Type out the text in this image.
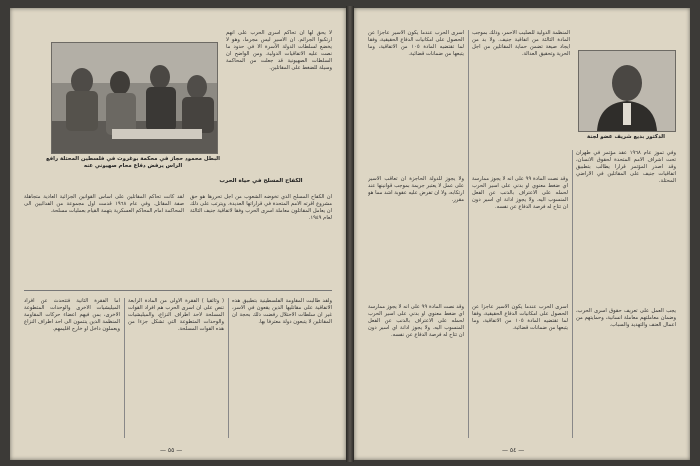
البطل محمود حجاز في محكمة بوغروت في فلسطين المحتلة رافع الراس يرفض دفاع محام صهيوني عنه
لا يحق لها ان تحاكم اسرى الحرب على انهم ارتكبوا الجرائم. ان الاسير ليس مجرما، وهو لا يخضع لسلطات الدولة الآسرة الا في حدود ما نصت عليه الاتفاقيات الدولية. ومن الواضح ان السلطات الصهيونية قد جعلت من المحاكمة وسيلة للضغط على المقاتلين.
الكفاح المسلح في حياة الحرب
ان الكفاح المسلح الذي تخوضه الشعوب من اجل تحررها هو حق مشروع اقرته الامم المتحدة في قراراتها العديدة. ويترتب على ذلك ان يعامل المقاتلون معاملة اسرى الحرب وفقا لاتفاقية جنيف الثالثة لعام ١٩٤٩.
لقد كانت تحاكم المقاتلين على اساس القوانين الجزائية العادية متجاهلة صفة المقاتل. وفي عام ١٩٦٨ قدمت اول مجموعة من الفدائيين الى المحاكمة امام المحاكم العسكرية بتهمة القيام بعمليات مسلحة.
ولقد طالبت المقاومة الفلسطينية بتطبيق هذه الاتفاقية على مقاتليها الذين يقعون في الاسر، غير ان سلطات الاحتلال رفضت ذلك بحجة ان المقاتلين لا يتبعون دولة معترفا بها.
( وثائقيا ) الفقرة الاولى من المادة الرابعة تنص على ان اسرى الحرب هم افراد القوات المسلحة لاحد اطراف النزاع، والميليشيات والوحدات المتطوعة التي تشكل جزءا من هذه القوات المسلحة.
اما الفقرة الثانية فتتحدث عن افراد الميليشيات الاخرى والوحدات المتطوعة الاخرى، بمن فيهم اعضاء حركات المقاومة المنظمة الذين ينتمون الى احد اطراف النزاع ويعملون داخل او خارج اقليمهم.
— ٥٥ —
الدكتور بديع شريف عضو لجنة
اسرى الحرب عندما يكون الاسير عاجزا عن الحصول على امكانيات الدفاع الحقيقية، وفقا لما تقتضيه المادة ١٠٥ من الاتفاقية، وما يتبعها من ضمانات قضائية.
المنظمة الدولية للصليب الاحمر، وذلك بموجب المادة الثالثة من اتفاقية جنيف. ولا بد من ايجاد صيغة تضمن حماية المقاتلين من اجل الحرية وتحقيق العدالة.
وفي تموز عام ١٩٦٨ عقد مؤتمر في طهران تحت اشراف الامم المتحدة لحقوق الانسان، وقد اصدر المؤتمر قرارا يطالب بتطبيق اتفاقيات جنيف على المقاتلين في الاراضي المحتلة.
ولا يجوز للدولة الحاجزة ان تعاقب الاسير على عمل لا يعتبر جريمة بموجب قوانينها عند ارتكابه، ولا ان تفرض عليه عقوبة اشد مما هو مقرر.
وقد نصت المادة ٩٩ على انه لا يجوز ممارسة اي ضغط معنوي او بدني على اسير الحرب لحمله على الاعتراف بالذنب عن الفعل المنسوب اليه. ولا يجوز ادانة اي اسير دون ان تتاح له فرصة الدفاع عن نفسه.
وقد نصت المادة ٩٩ على انه لا يجوز ممارسة اي ضغط معنوي او بدني على اسير الحرب لحمله على الاعتراف بالذنب عن الفعل المنسوب اليه. ولا يجوز ادانة اي اسير دون ان تتاح له فرصة الدفاع عن نفسه.
اسرى الحرب عندما يكون الاسير عاجزا عن الحصول على امكانيات الدفاع الحقيقية، وفقا لما تقتضيه المادة ١٠٥ من الاتفاقية، وما يتبعها من ضمانات قضائية.
يجب العمل على تعريف حقوق اسرى الحرب، وضمان معاملتهم معاملة انسانية، وحمايتهم من اعمال العنف والتهديد والسباب.
— ٥٤ —
